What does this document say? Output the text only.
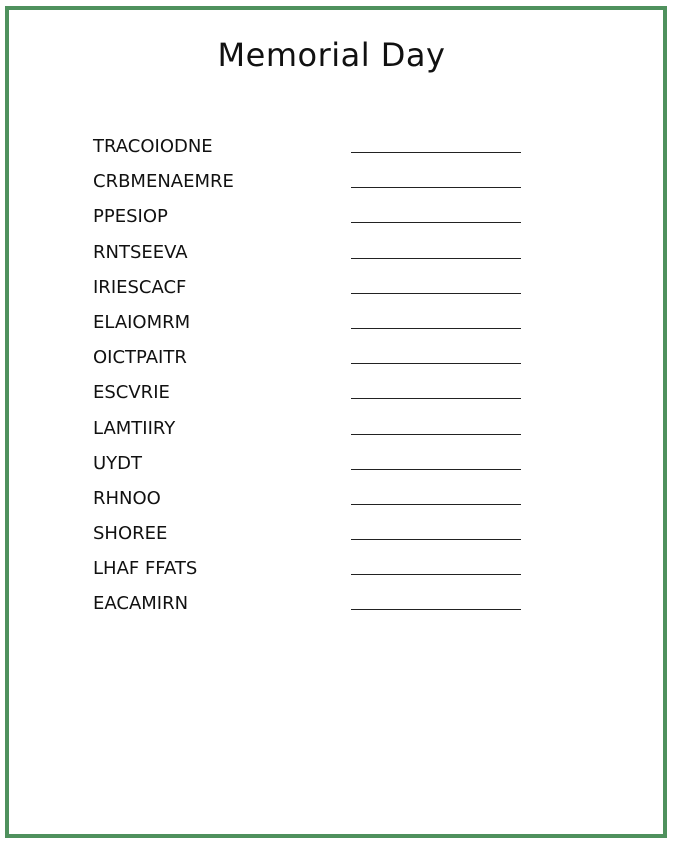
Memorial Day
TRACOIODNE
CRBMENAEMRE
PPESIOP
RNTSEEVA
IRIESCACF
ELAIOMRM
OICTPAITR
ESCVRIE
LAMTIIRY
UYDT
RHNOO
SHOREE
LHAF FFATS
EACAMIRN
